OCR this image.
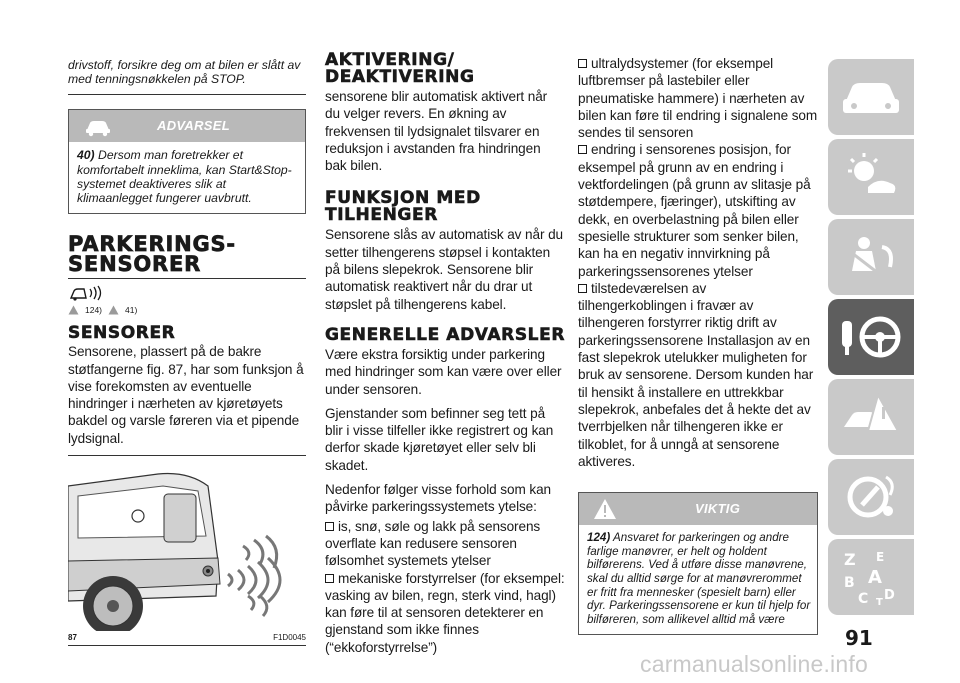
drivstoff, forsikre deg om at bilen er slått av med tenningsnøkkelen på STOP.
ADVARSEL
40) Dersom man foretrekker et komfortabelt inneklima, kan Start&Stop-systemet deaktiveres slik at klimaanlegget fungerer uavbrutt.
PARKERINGS-
SENSORER
124)	41)
SENSORER
Sensorene, plassert på de bakre støtfangerne fig. 87, har som funksjon å vise forekomsten av eventuelle hindringer i nærheten av kjøretøyets bakdel og varsle føreren via et pipende lydsignal.
87	F1D0045
AKTIVERING/
DEAKTIVERING
sensorene blir automatisk aktivert når du velger revers. En økning av frekvensen til lydsignalet tilsvarer en reduksjon i avstanden fra hindringen bak bilen.
FUNKSJON MED
TILHENGER
Sensorene slås av automatisk av når du setter tilhengerens støpsel i kontakten på bilens slepekrok. Sensorene blir automatisk reaktivert når du drar ut støpslet på tilhengerens kabel.
GENERELLE ADVARSLER

Være ekstra forsiktig under parkering med hindringer som kan være over eller under sensoren.

Gjenstander som befinner seg tett på blir i visse tilfeller ikke registrert og kan derfor skade kjøretøyet eller selv bli skadet.

Nedenfor følger visse forhold som kan påvirke parkeringssystemets ytelse:

is, snø, søle og lakk på sensorens overflate kan redusere sensoren følsomhet systemets ytelser
mekaniske forstyrrelser (for eksempel: vasking av bilen, regn, sterk vind, hagl) kan føre til at sensoren detekterer en gjenstand som ikke finnes (“ekkoforstyrrelse”)
ultralydsystemer (for eksempel luftbremser på lastebiler eller pneumatiske hammere) i nærheten av bilen kan føre til endring i signalene som sendes til sensoren
endring i sensorenes posisjon, for eksempel på grunn av en endring i vektfordelingen (på grunn av slitasje på støtdempere, fjæringer), utskifting av dekk, en overbelastning på bilen eller spesielle strukturer som senker bilen, kan ha en negativ innvirkning på parkeringssensorenes ytelser
tilstedeværelsen av tilhengerkoblingen i fravær av tilhengeren forstyrrer riktig drift av parkeringssensorene Installasjon av en fast slepekrok utelukker muligheten for bruk av sensorene. Dersom kunden har til hensikt å installere en uttrekkbar slepekrok, anbefales det å hekte det av tverrbjelken når tilhengeren ikke er tilkoblet, for å unngå at sensorene aktiveres.
VIKTIG
124) Ansvaret for parkeringen og andre farlige manøvrer, er helt og holdent bilførerens. Ved å utføre disse manøvrene, skal du alltid sørge for at manøvrerommet er fritt fra mennesker (spesielt barn) eller dyr. Parkeringssensorene er kun til hjelp for bilføreren, som allikevel alltid må være
Z E
B A
C D
T
91
carmanualsonline.info
